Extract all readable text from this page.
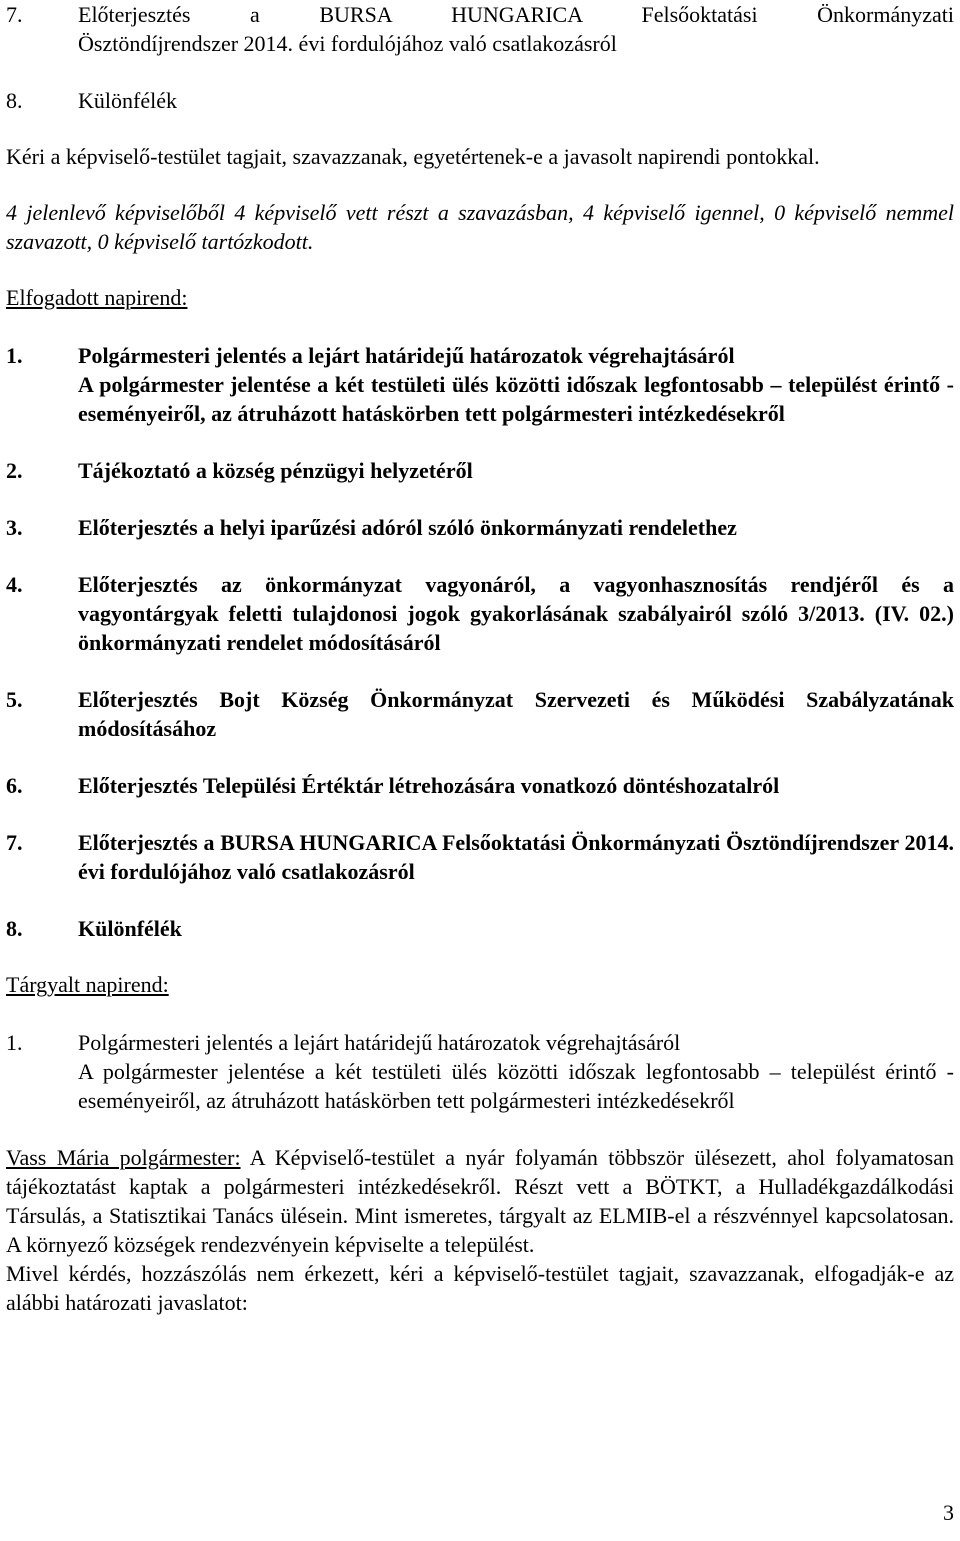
7.	Előterjesztés a BURSA HUNGARICA Felsőoktatási Önkormányzati

Ösztöndíjrendszer 2014. évi fordulójához való csatlakozásról

8.	Különfélék

Kéri a képviselő-testület tagjait, szavazzanak, egyetértenek-e a javasolt napirendi pontokkal.

4 jelenlevő képviselőből 4 képviselő vett részt a szavazásban, 4 képviselő igennel, 0 képviselő nemmel szavazott, 0 képviselő tartózkodott.

Elfogadott napirend:

1.	Polgármesteri jelentés a lejárt határidejű határozatok végrehajtásáról

A polgármester jelentése a két testületi ülés közötti időszak legfontosabb – települést érintő - eseményeiről, az átruházott hatáskörben tett polgármesteri intézkedésekről

2.	Tájékoztató a község pénzügyi helyzetéről

3.	Előterjesztés a helyi iparűzési adóról szóló önkormányzati rendelethez

4.	Előterjesztés az önkormányzat vagyonáról, a vagyonhasznosítás rendjéről és a vagyontárgyak feletti tulajdonosi jogok gyakorlásának szabályairól szóló 3/2013. (IV. 02.) önkormányzati rendelet módosításáról

5.	Előterjesztés Bojt Község Önkormányzat Szervezeti és Működési Szabályzatának módosításához

6.	Előterjesztés Települési Értéktár létrehozására vonatkozó döntéshozatalról

7.	Előterjesztés a BURSA HUNGARICA Felsőoktatási Önkormányzati Ösztöndíjrendszer 2014. évi fordulójához való csatlakozásról

8.	Különfélék

Tárgyalt napirend:

1.	Polgármesteri jelentés a lejárt határidejű határozatok végrehajtásáról

A polgármester jelentése a két testületi ülés közötti időszak legfontosabb – települést érintő - eseményeiről, az átruházott hatáskörben tett polgármesteri intézkedésekről

Vass Mária polgármester: A Képviselő-testület a nyár folyamán többször ülésezett, ahol folyamatosan tájékoztatást kaptak a polgármesteri intézkedésekről. Részt vett a BÖTKT, a Hulladékgazdálkodási Társulás, a Statisztikai Tanács ülésein. Mint ismeretes, tárgyalt az ELMIB-el a részvénnyel kapcsolatosan. A környező községek rendezvényein képviselte a települést.

Mivel kérdés, hozzászólás nem érkezett, kéri a képviselő-testület tagjait, szavazzanak, elfogadják-e az alábbi határozati javaslatot:

3
